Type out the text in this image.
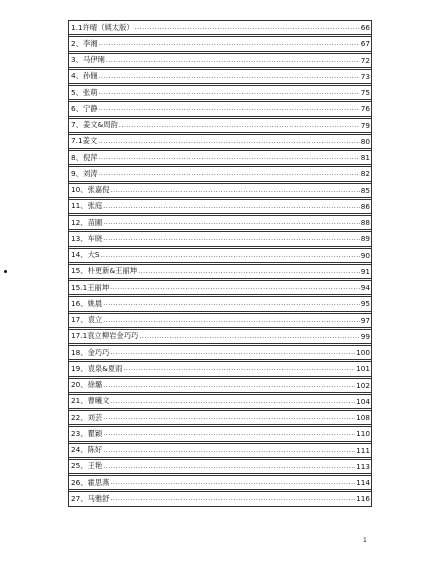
1.1许晴（姨太版） .....	66
2、李湘 .....	67
3、马伊琍 .....	72
4、孙俪 .....	73
5、张萌 .....	75
6、宁静 .....	76
7、姜文&周韵 .....	79
7.1姜文 .....	80
8、倪萍 .....	81
9、刘涛 .....	82
10、张嘉倪 .....	85
11、张庭 .....	86
12、苗圃 .....	88
13、车晓 .....	89
14、大S .....	90
15、朴更新&王丽坤 .....	91
15.1王丽坤 .....	94
16、姚晨 .....	95
17、袁立 .....	97
17.1袁立柳岩金巧巧 .....	99
18、金巧巧 .....	100
19、袁泉&夏雨 .....	101
20、徐璐 .....	102
21、曹曦文 .....	104
22、刘芸 .....	108
23、瞿颖 .....	110
24、陈好 .....	111
25、王艳 .....	113
26、霍思燕 .....	114
27、马雅舒 .....	116
1
